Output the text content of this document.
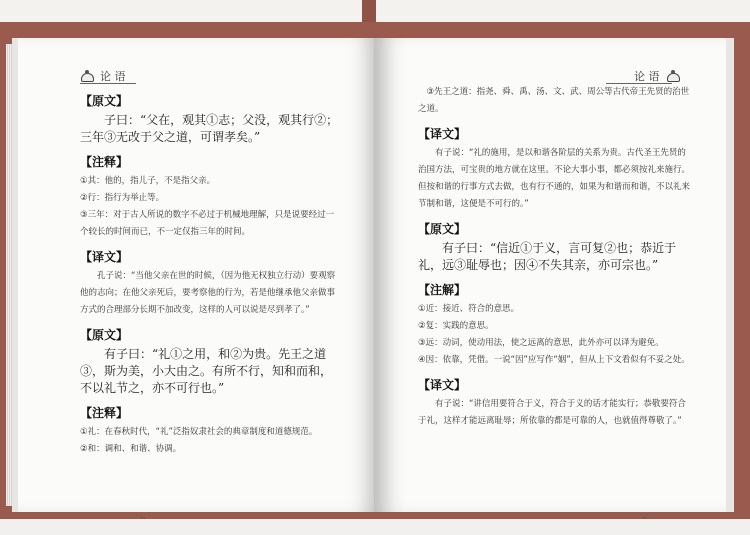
论 语

【原文】

　　子曰：“父在，观其①志；父没，观其行②；三年③无改于父之道，可谓孝矣。”

【注释】

①其：他的，指儿子，不是指父亲。

②行：指行为举止等。

③三年：对于古人所说的数字不必过于机械地理解，只是说要经过一个较长的时间而已，不一定仅指三年的时间。

【译文】

　　孔子说：“当他父亲在世的时候，（因为他无权独立行动）要观察他的志向；在他父亲死后，要考察他的行为，若是他继承他父亲做事方式的合理部分长期不加改变，这样的人可以说是尽到孝了。”

【原文】

　　有子曰：“礼①之用，和②为贵。先王之道③，斯为美，小大由之。有所不行，知和而和，不以礼节之，亦不可行也。”

【注释】

①礼：在春秋时代，“礼”泛指奴隶社会的典章制度和道德规范。

②和：调和、和谐、协调。

论 语

　③先王之道：指尧、舜、禹、汤、文、武、周公等古代帝王先贤的治世之道。

【译文】

　　有子说：“礼的施用，是以和谐各阶层的关系为贵。古代圣王先贤的治国方法，可宝贵的地方就在这里。不论大事小事，都必须按礼来施行。但按和谐的行事方式去做，也有行不通的，如果为和谐而和谐，不以礼来节制和谐，这便是不可行的。”

【原文】

　　有子曰：“信近①于义，言可复②也；恭近于礼，远③耻辱也；因④不失其亲，亦可宗也。”

【注解】

①近：接近、符合的意思。

②复：实践的意思。

③远：动词，使动用法，使之远离的意思，此外亦可以译为避免。

④因：依靠，凭借。一说“因”应写作“姻”，但从上下文看似有不妥之处。

【译文】

　　有子说：“讲信用要符合于义，符合于义的话才能实行；恭敬要符合于礼，这样才能远离耻辱；所依靠的都是可靠的人，也就值得尊敬了。”
